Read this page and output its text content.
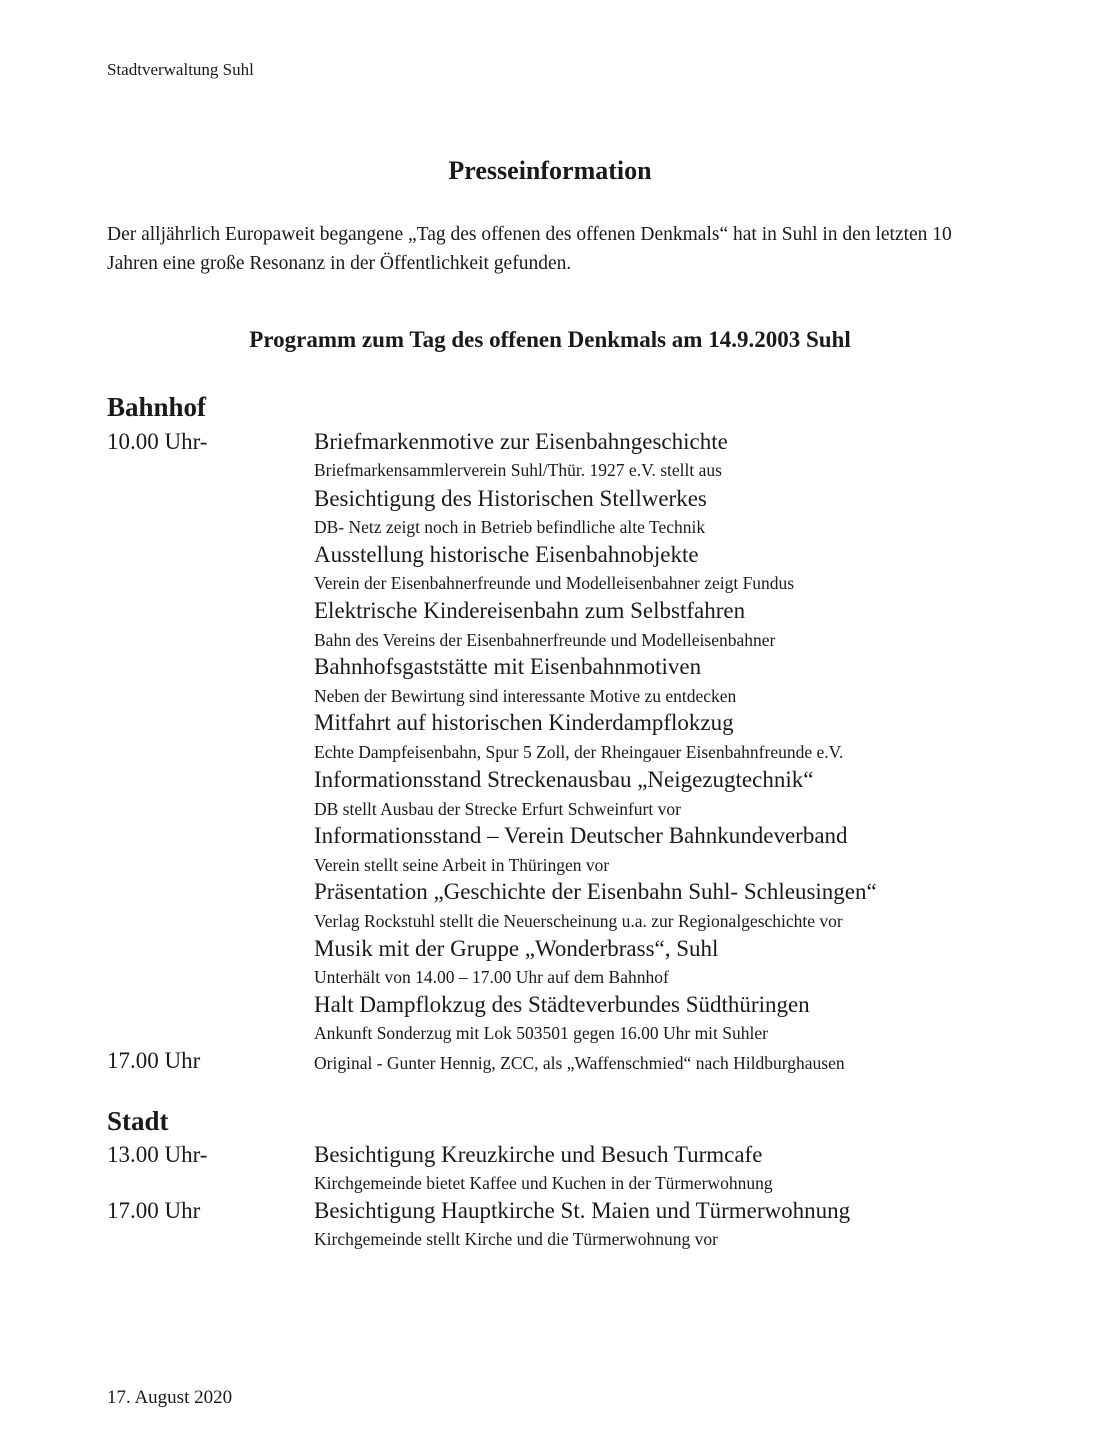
Stadtverwaltung Suhl
Presseinformation
Der alljährlich Europaweit begangene „Tag des offenen des offenen Denkmals“ hat in Suhl in den letzten 10 Jahren eine große Resonanz in der Öffentlichkeit gefunden.
Programm zum Tag des offenen Denkmals am 14.9.2003 Suhl
Bahnhof
10.00 Uhr-	Briefmarkenmotive zur Eisenbahngeschichte
Briefmarkensammlerverein Suhl/Thür. 1927 e.V. stellt aus
Besichtigung des Historischen Stellwerkes
DB- Netz zeigt noch in Betrieb befindliche alte Technik
Ausstellung historische Eisenbahnobjekte
Verein der Eisenbahnerfreunde und Modelleisenbahner zeigt Fundus
Elektrische Kindereisenbahn zum Selbstfahren
Bahn des Vereins der Eisenbahnerfreunde und Modelleisenbahner
Bahnhofsgaststätte mit Eisenbahnmotiven
Neben der Bewirtung sind interessante Motive zu entdecken
Mitfahrt auf historischen Kinderdampflokzug
Echte Dampfeisenbahn, Spur 5 Zoll, der Rheingauer Eisenbahnfreunde e.V.
Informationsstand Streckenausbau „Neigezugtechnik“
DB stellt Ausbau der Strecke Erfurt Schweinfurt vor
Informationsstand – Verein Deutscher Bahnkundeverband
Verein stellt seine Arbeit in Thüringen vor
Präsentation „Geschichte der Eisenbahn Suhl- Schleusingen“
Verlag Rockstuhl stellt die Neuerscheinung u.a. zur Regionalgeschichte vor
Musik mit der Gruppe „Wonderbrass“, Suhl
Unterhält von 14.00 – 17.00 Uhr auf dem Bahnhof
Halt Dampflokzug des Städteverbundes Südthüringen
Ankunft Sonderzug mit Lok 503501 gegen 16.00 Uhr mit Suhler
17.00 Uhr	Original - Gunter Hennig, ZCC, als „Waffenschmied“ nach Hildburghausen
Stadt
13.00 Uhr-	Besichtigung Kreuzkirche und Besuch Turmcafe
Kirchgemeinde bietet Kaffee und Kuchen in der Türmerwohnung
17.00 Uhr	Besichtigung Hauptkirche St. Maien und Türmerwohnung
Kirchgemeinde stellt Kirche und die Türmerwohnung vor
17. August 2020
